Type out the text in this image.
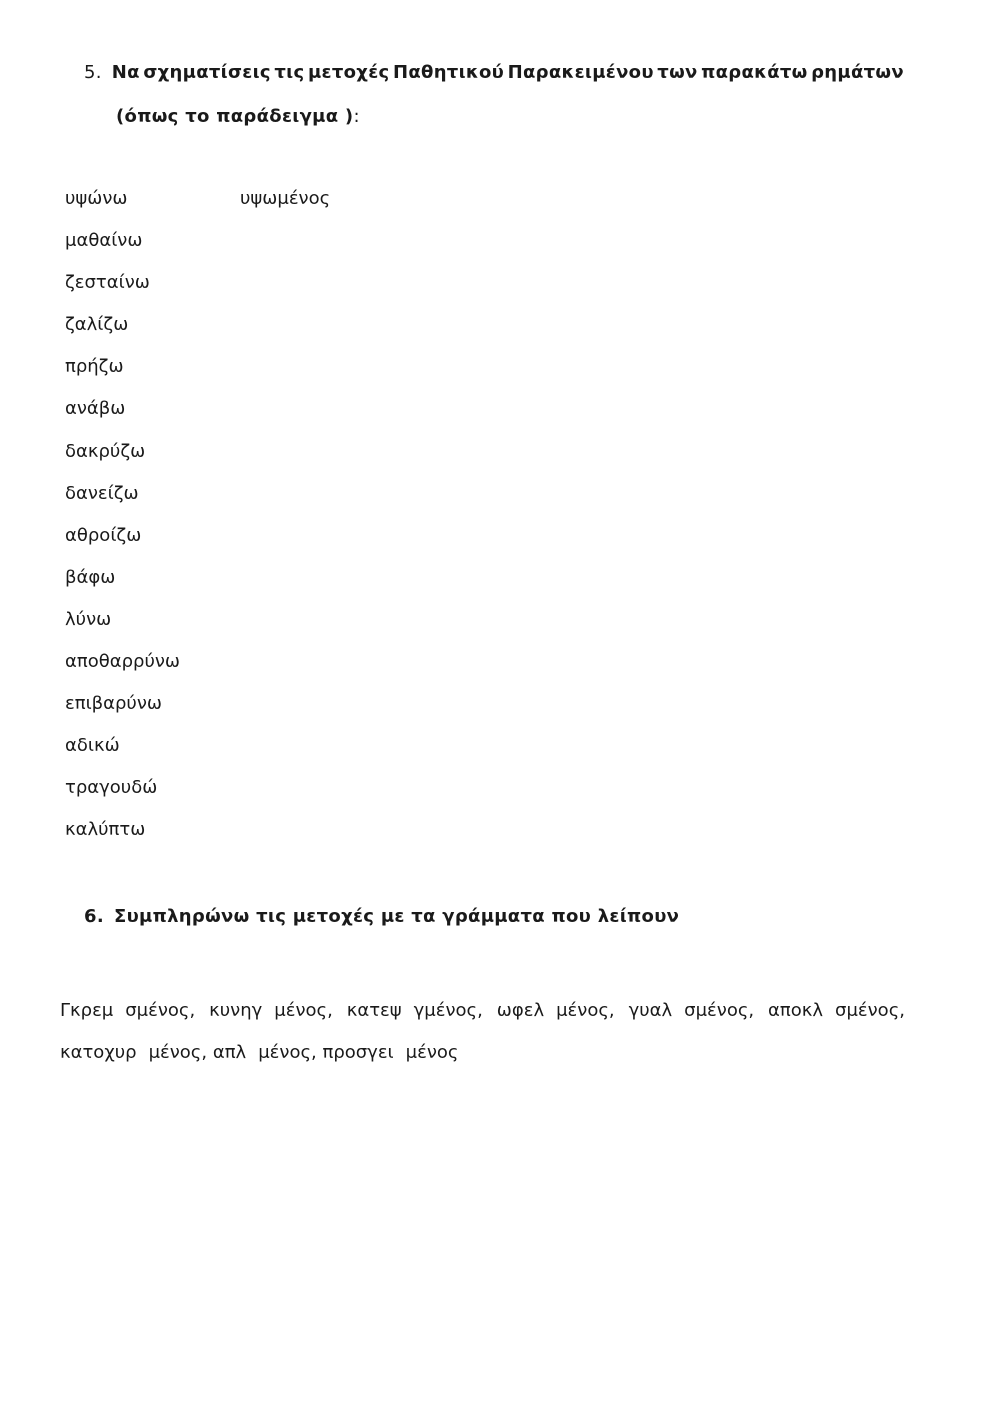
5. Να σχηματίσεις τις μετοχές Παθητικού Παρακειμένου των παρακάτω ρημάτων
(όπως το παράδειγμα ):
υψώνω	υψωμένος
μαθαίνω
ζεσταίνω
ζαλίζω
πρήζω
ανάβω
δακρύζω
δανείζω
αθροίζω
βάφω
λύνω
αποθαρρύνω
επιβαρύνω
αδικώ
τραγουδώ
καλύπτω
6. Συμπληρώνω τις μετοχές με τα γράμματα που λείπουν
Γκρεμ σμένος, κυνηγ μένος, κατεψ γμένος, ωφελ μένος, γυαλ σμένος, αποκλ σμένος,
κατοχυρ μένος, απλ μένος, προσγει μένος
